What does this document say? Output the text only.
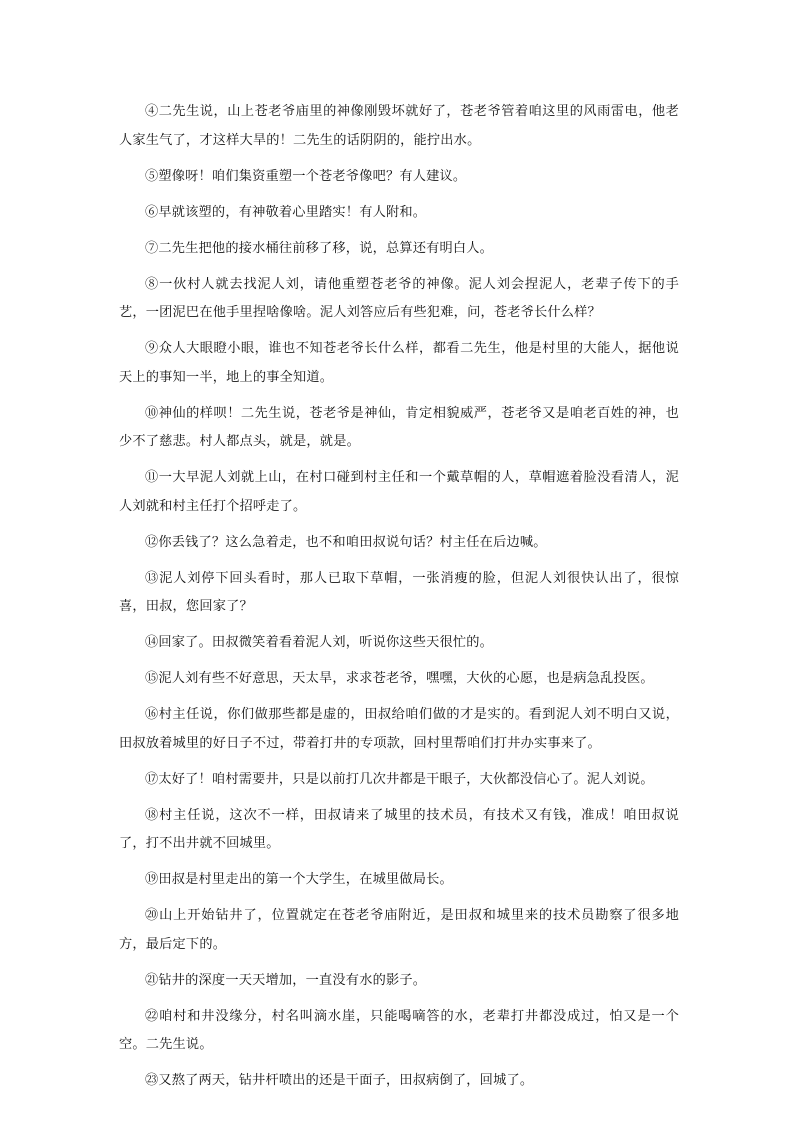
④二先生说，山上苍老爷庙里的神像刚毁坏就好了，苍老爷管着咱这里的风雨雷电，他老人家生气了，才这样大旱的！二先生的话阴阴的，能拧出水。

⑤塑像呀！咱们集资重塑一个苍老爷像吧？有人建议。

⑥早就该塑的，有神敬着心里踏实！有人附和。

⑦二先生把他的接水桶往前移了移，说，总算还有明白人。

⑧一伙村人就去找泥人刘，请他重塑苍老爷的神像。泥人刘会捏泥人，老辈子传下的手艺，一团泥巴在他手里捏啥像啥。泥人刘答应后有些犯难，问，苍老爷长什么样？

⑨众人大眼瞪小眼，谁也不知苍老爷长什么样，都看二先生，他是村里的大能人，据他说天上的事知一半，地上的事全知道。

⑩神仙的样呗！二先生说，苍老爷是神仙，肯定相貌威严，苍老爷又是咱老百姓的神，也少不了慈悲。村人都点头，就是，就是。

⑪一大早泥人刘就上山，在村口碰到村主任和一个戴草帽的人，草帽遮着脸没看清人，泥人刘就和村主任打个招呼走了。

⑫你丢钱了？这么急着走，也不和咱田叔说句话？村主任在后边喊。

⑬泥人刘停下回头看时，那人已取下草帽，一张消瘦的脸，但泥人刘很快认出了，很惊喜，田叔，您回家了？

⑭回家了。田叔微笑着看着泥人刘，听说你这些天很忙的。

⑮泥人刘有些不好意思，天太旱，求求苍老爷，嘿嘿，大伙的心愿，也是病急乱投医。

⑯村主任说，你们做那些都是虚的，田叔给咱们做的才是实的。看到泥人刘不明白又说，田叔放着城里的好日子不过，带着打井的专项款，回村里帮咱们打井办实事来了。

⑰太好了！咱村需要井，只是以前打几次井都是干眼子，大伙都没信心了。泥人刘说。

⑱村主任说，这次不一样，田叔请来了城里的技术员，有技术又有钱，准成！咱田叔说了，打不出井就不回城里。

⑲田叔是村里走出的第一个大学生，在城里做局长。

⑳山上开始钻井了，位置就定在苍老爷庙附近，是田叔和城里来的技术员勘察了很多地方，最后定下的。

㉑钻井的深度一天天增加，一直没有水的影子。

㉒咱村和井没缘分，村名叫滴水崖，只能喝嘀答的水，老辈打井都没成过，怕又是一个空。二先生说。

㉓又熬了两天，钻井杆喷出的还是干面子，田叔病倒了，回城了。
